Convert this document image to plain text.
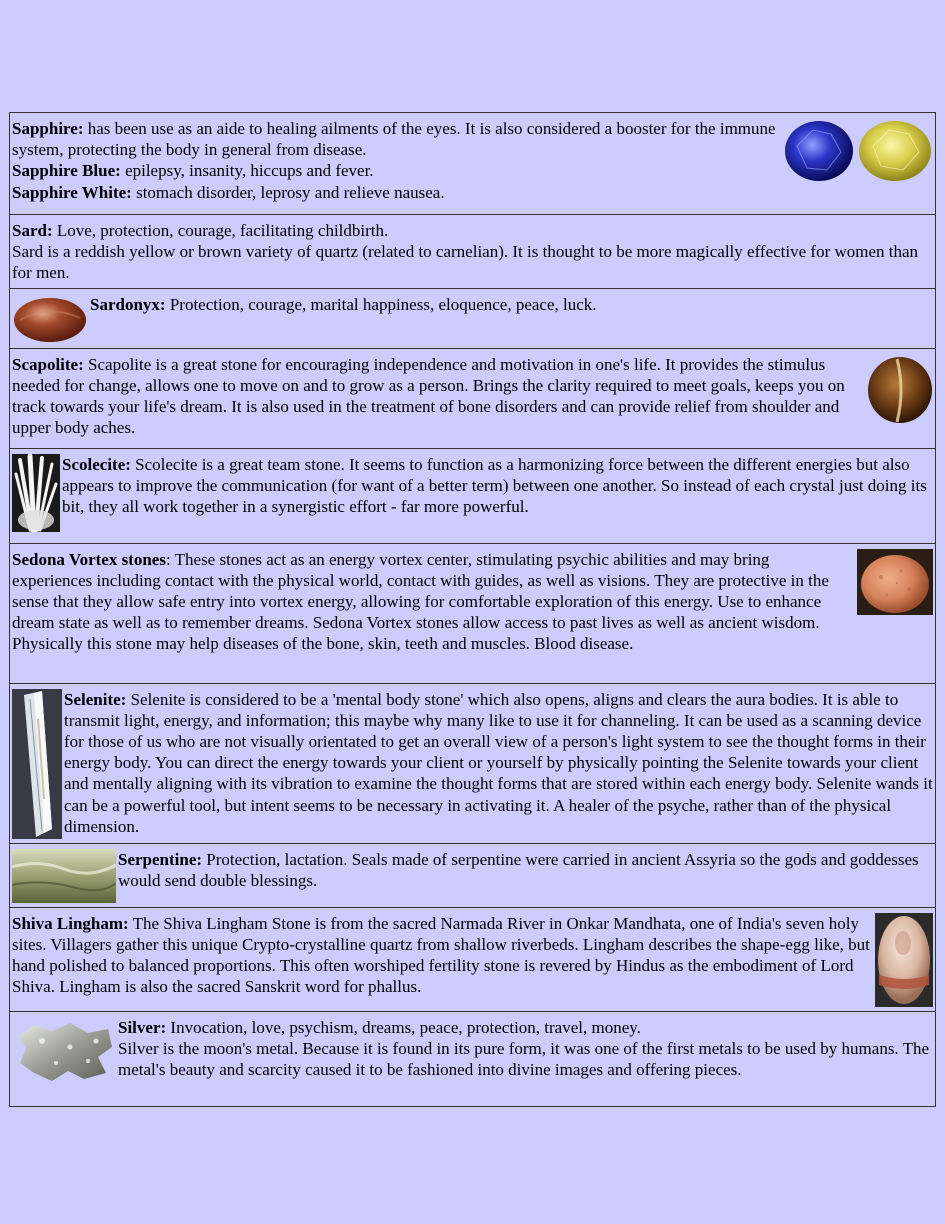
Sapphire: has been use as an aide to healing ailments of the eyes. It is also considered a booster for the immune system, protecting the body in general from disease.
Sapphire Blue: epilepsy, insanity, hiccups and fever.
Sapphire White: stomach disorder, leprosy and relieve nausea.

Sard: Love, protection, courage, facilitating childbirth.
Sard is a reddish yellow or brown variety of quartz (related to carnelian). It is thought to be more magically effective for women than for men.

Sardonyx: Protection, courage, marital happiness, eloquence, peace, luck.

Scapolite: Scapolite is a great stone for encouraging independence and motivation in one's life. It provides the stimulus needed for change, allows one to move on and to grow as a person. Brings the clarity required to meet goals, keeps you on track towards your life's dream. It is also used in the treatment of bone disorders and can provide relief from shoulder and upper body aches.

Scolecite: Scolecite is a great team stone. It seems to function as a harmonizing force between the different energies but also appears to improve the communication (for want of a better term) between one another. So instead of each crystal just doing its bit, they all work together in a synergistic effort - far more powerful.

Sedona Vortex stones: These stones act as an energy vortex center, stimulating psychic abilities and may bring experiences including contact with the physical world, contact with guides, as well as visions. They are protective in the sense that they allow safe entry into vortex energy, allowing for comfortable exploration of this energy. Use to enhance dream state as well as to remember dreams. Sedona Vortex stones allow access to past lives as well as ancient wisdom. Physically this stone may help diseases of the bone, skin, teeth and muscles. Blood disease.

Selenite: Selenite is considered to be a 'mental body stone' which also opens, aligns and clears the aura bodies. It is able to transmit light, energy, and information; this maybe why many like to use it for channeling. It can be used as a scanning device for those of us who are not visually orientated to get an overall view of a person's light system to see the thought forms in their energy body. You can direct the energy towards your client or yourself by physically pointing the Selenite towards your client and mentally aligning with its vibration to examine the thought forms that are stored within each energy body. Selenite wands it can be a powerful tool, but intent seems to be necessary in activating it. A healer of the psyche, rather than of the physical dimension.

Serpentine: Protection, lactation. Seals made of serpentine were carried in ancient Assyria so the gods and goddesses would send double blessings.

Shiva Lingham: The Shiva Lingham Stone is from the sacred Narmada River in Onkar Mandhata, one of India's seven holy sites. Villagers gather this unique Crypto-crystalline quartz from shallow riverbeds. Lingham describes the shape-egg like, but hand polished to balanced proportions. This often worshiped fertility stone is revered by Hindus as the embodiment of Lord Shiva. Lingham is also the sacred Sanskrit word for phallus.

Silver: Invocation, love, psychism, dreams, peace, protection, travel, money.
Silver is the moon's metal. Because it is found in its pure form, it was one of the first metals to be used by humans. The metal's beauty and scarcity caused it to be fashioned into divine images and offering pieces.
